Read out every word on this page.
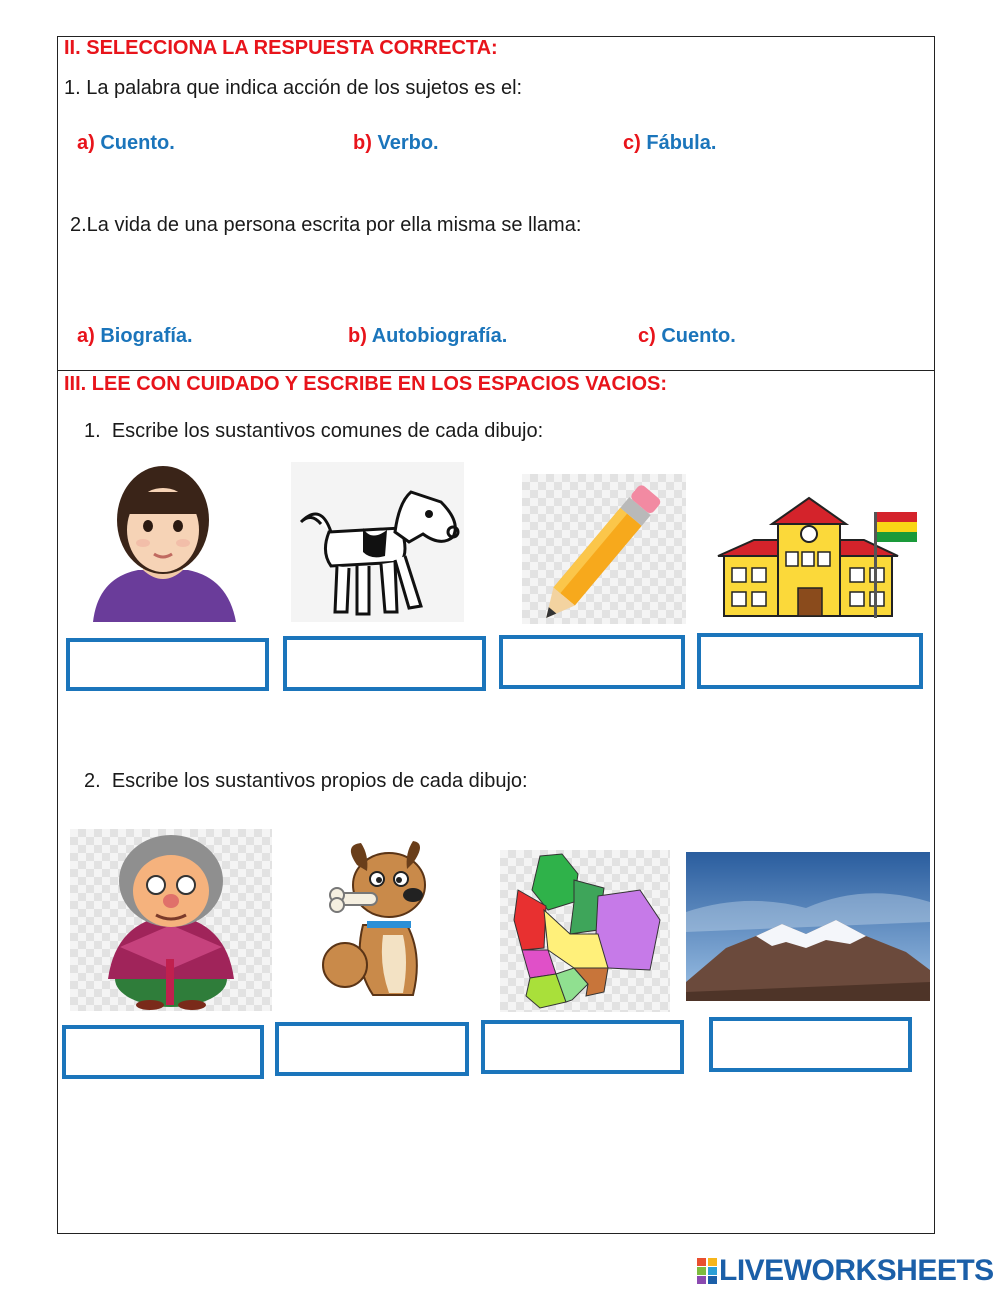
II. SELECCIONA LA RESPUESTA CORRECTA:
1. La palabra que indica acción de los sujetos es el:
a) Cuento.	b) Verbo.	c) Fábula.
2.La vida de una persona escrita por ella misma se llama:
a) Biografía.	b) Autobiografía.	c) Cuento.
III. LEE CON CUIDADO Y ESCRIBE EN LOS ESPACIOS VACIOS:
1. Escribe los sustantivos comunes de cada dibujo:
2. Escribe los sustantivos propios de cada dibujo:
LIVEWORKSHEETS
